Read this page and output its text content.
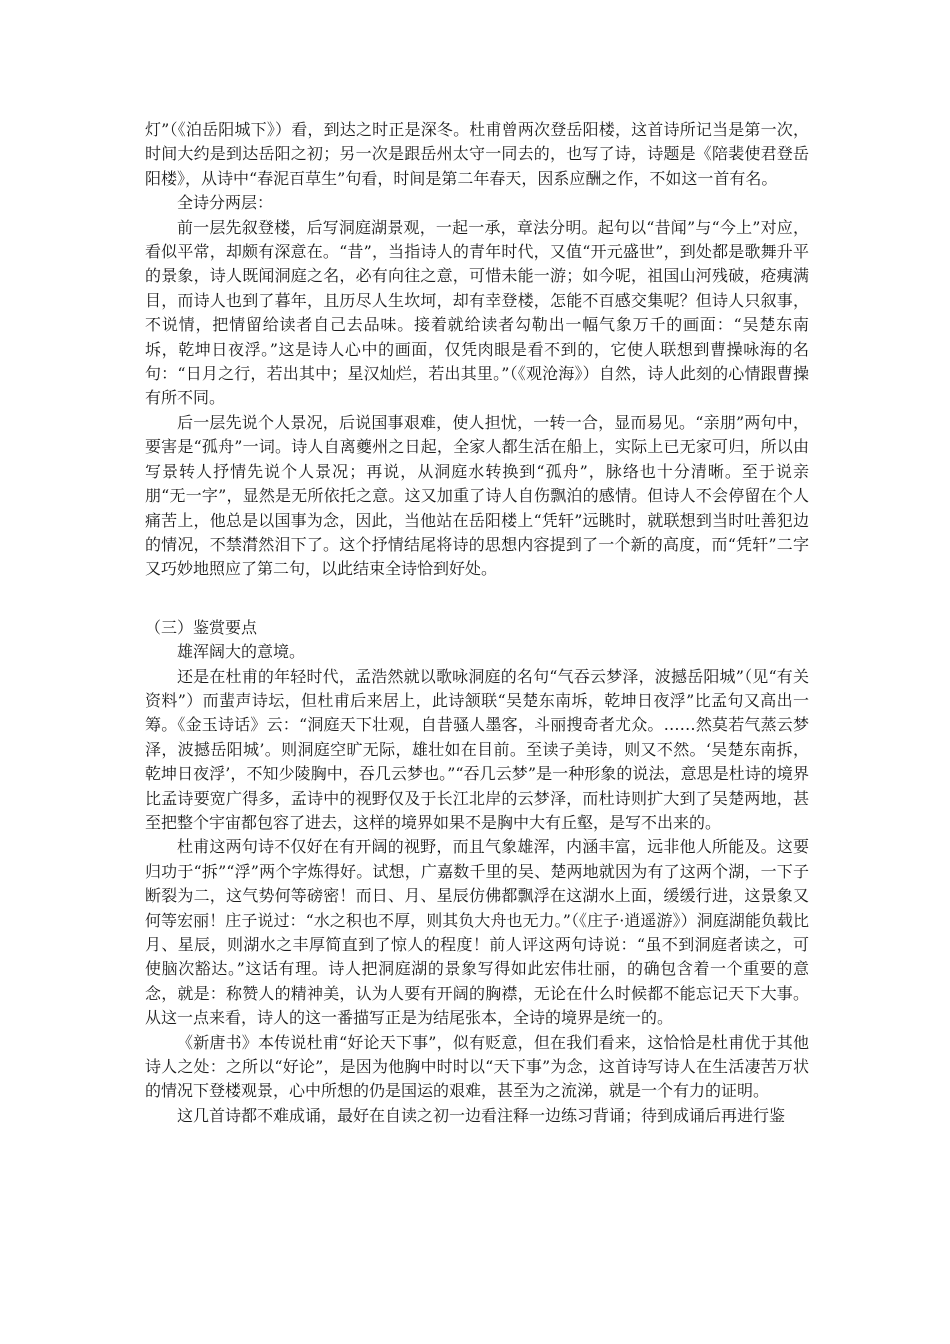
灯”（《泊岳阳城下》）看，到达之时正是深冬。杜甫曾两次登岳阳楼，这首诗所记当是第一次，时间大约是到达岳阳之初；另一次是跟岳州太守一同去的，也写了诗，诗题是《陪裴使君登岳阳楼》，从诗中“春泥百草生”句看，时间是第二年春天，因系应酬之作，不如这一首有名。

全诗分两层：

前一层先叙登楼，后写洞庭湖景观，一起一承，章法分明。起句以“昔闻”与“今上”对应，看似平常，却颇有深意在。“昔”，当指诗人的青年时代，又值“开元盛世”，到处都是歌舞升平的景象，诗人既闻洞庭之名，必有向往之意，可惜未能一游；如今呢，祖国山河残破，疮痍满目，而诗人也到了暮年，且历尽人生坎坷，却有幸登楼，怎能不百感交集呢？但诗人只叙事，不说情，把情留给读者自己去品味。接着就给读者勾勒出一幅气象万千的画面：“吴楚东南坼，乾坤日夜浮。”这是诗人心中的画面，仅凭肉眼是看不到的，它使人联想到曹操咏海的名句：“日月之行，若出其中；星汉灿烂，若出其里。”（《观沧海》）自然，诗人此刻的心情跟曹操有所不同。

后一层先说个人景况，后说国事艰难，使人担忧，一转一合，显而易见。“亲朋”两句中，要害是“孤舟”一词。诗人自离夔州之日起，全家人都生活在船上，实际上已无家可归，所以由写景转人抒情先说个人景况；再说，从洞庭水转换到“孤舟”，脉络也十分清晰。至于说亲朋“无一字”，显然是无所依托之意。这又加重了诗人自伤飘泊的感情。但诗人不会停留在个人痛苦上，他总是以国事为念，因此，当他站在岳阳楼上“凭轩”远眺时，就联想到当时吐善犯边的情况，不禁潸然泪下了。这个抒情结尾将诗的思想内容提到了一个新的高度，而“凭轩”二字又巧妙地照应了第二句，以此结束全诗恰到好处。

（三）鉴赏要点

雄浑阔大的意境。

还是在杜甫的年轻时代，孟浩然就以歌咏洞庭的名句“气吞云梦泽，波撼岳阳城”（见“有关资料”）而蜚声诗坛，但杜甫后来居上，此诗颔联“吴楚东南坼，乾坤日夜浮”比孟句又高出一筹。《金玉诗话》云：“洞庭天下壮观，自昔骚人墨客，斗丽搜奇者尤众。……然莫若气蒸云梦泽，波撼岳阳城’。则洞庭空旷无际，雄壮如在目前。至读子美诗，则又不然。‘吴楚东南拆，乾坤日夜浮’，不知少陵胸中，吞几云梦也。”“吞几云梦”是一种形象的说法，意思是杜诗的境界比孟诗要宽广得多，孟诗中的视野仅及于长江北岸的云梦泽，而杜诗则扩大到了吴楚两地，甚至把整个宇宙都包容了进去，这样的境界如果不是胸中大有丘壑，是写不出来的。

杜甫这两句诗不仅好在有开阔的视野，而且气象雄浑，内涵丰富，远非他人所能及。这要归功于“拆”“浮”两个字炼得好。试想，广嘉数千里的吴、楚两地就因为有了这两个湖，一下子断裂为二，这气势何等磅密！而日、月、星辰仿佛都飘浮在这湖水上面，缓缓行进，这景象又何等宏丽！庄子说过：“水之积也不厚，则其负大舟也无力。”（《庄子·逍遥游》）洞庭湖能负载比月、星辰，则湖水之丰厚简直到了惊人的程度！前人评这两句诗说：“虽不到洞庭者读之，可使脑次豁达。”这话有理。诗人把洞庭湖的景象写得如此宏伟壮丽，的确包含着一个重要的意念，就是：称赞人的精神美，认为人要有开阔的胸襟，无论在什么时候都不能忘记天下大事。从这一点来看，诗人的这一番描写正是为结尾张本，全诗的境界是统一的。

《新唐书》本传说杜甫“好论天下事”，似有贬意，但在我们看来，这恰恰是杜甫优于其他诗人之处：之所以“好论”，是因为他胸中时时以“天下事”为念，这首诗写诗人在生活凄苦万状的情况下登楼观景，心中所想的仍是国运的艰难，甚至为之流涕，就是一个有力的证明。

这几首诗都不难成诵，最好在自读之初一边看注释一边练习背诵；待到成诵后再进行鉴
